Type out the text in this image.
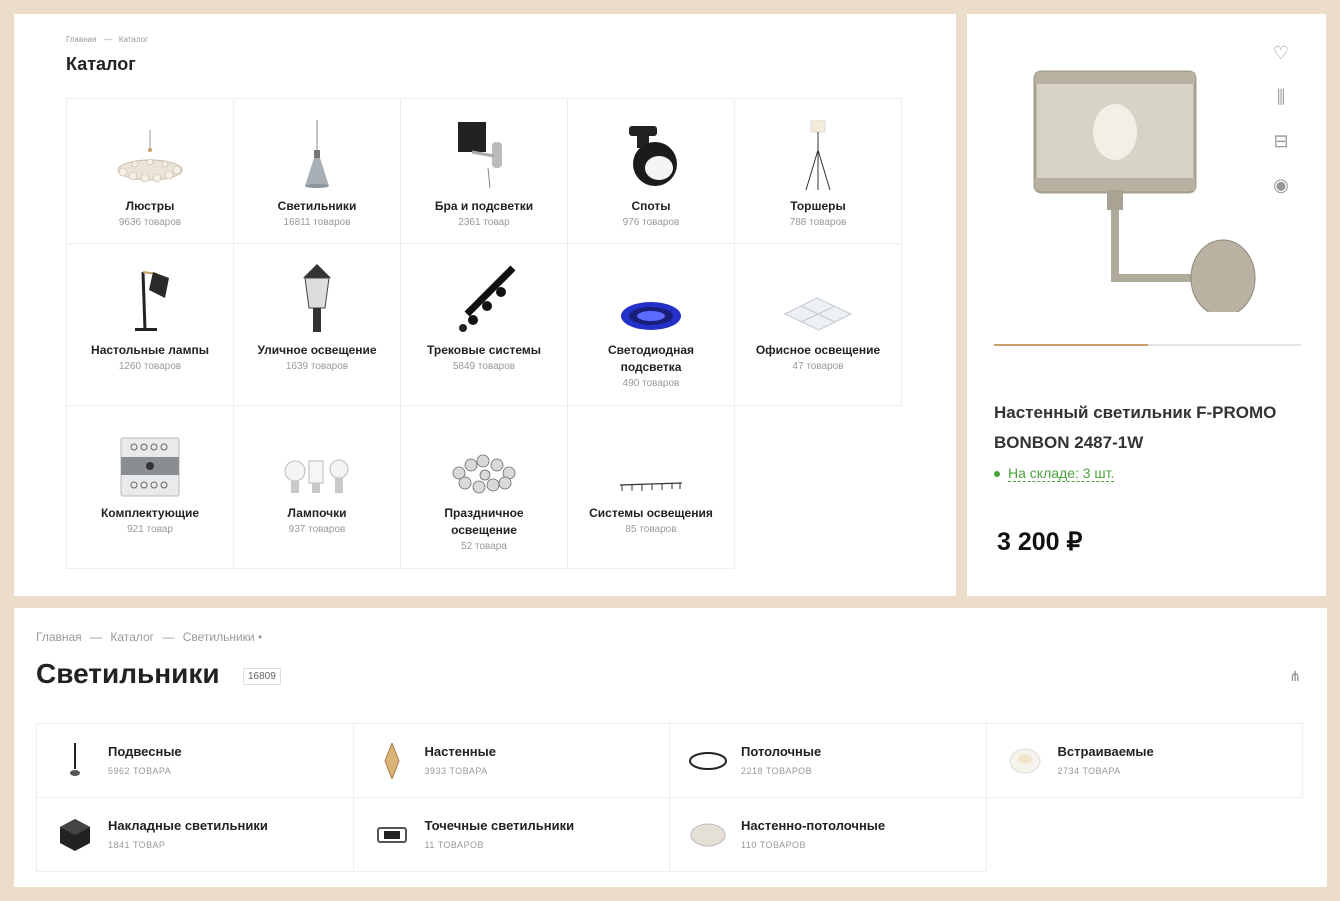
Главная — Каталог
Каталог
Люстры
9636 товаров
Светильники
16811 товаров
Бра и подсветки
2361 товар
Споты
976 товаров
Торшеры
788 товаров
Настольные лампы
1260 товаров
Уличное освещение
1639 товаров
Трековые системы
5849 товаров
Светодиодная подсветка
490 товаров
Офисное освещение
47 товаров
Комплектующие
921 товар
Лампочки
937 товаров
Праздничное освещение
52 товара
Системы освещения
85 товаров
♡
⫼
⊟
◉
Настенный светильник F-PROMO BONBON 2487-1W
На складе: 3 шт.
3 200 ₽
Главная — Каталог — Светильники •
Светильники	16809	⋔
Подвесные
5962 ТОВАРА
Настенные
3933 ТОВАРА
Потолочные
2218 ТОВАРОВ
Встраиваемые
2734 ТОВАРА
Накладные светильники
1841 ТОВАР
Точечные светильники
11 ТОВАРОВ
Настенно-потолочные
110 ТОВАРОВ
